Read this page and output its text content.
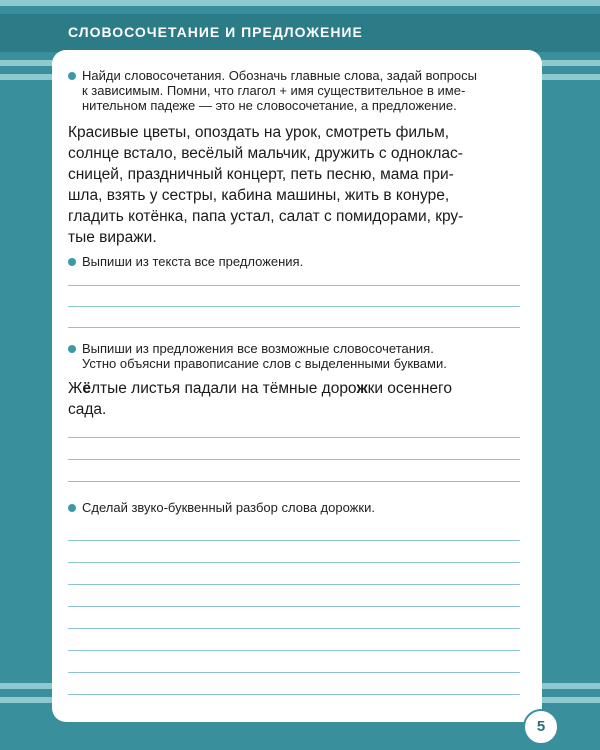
СЛОВОСОЧЕТАНИЕ И ПРЕДЛОЖЕНИЕ
Найди словосочетания. Обозначь главные слова, задай вопросы
к зависимым. Помни, что глагол + имя существительное в име-
нительном падеже — это не словосочетание, а предложение.
Красивые цветы, опоздать на урок, смотреть фильм,
солнце встало, весёлый мальчик, дружить с одноклас-
сницей, праздничный концерт, петь песню, мама при-
шла, взять у сестры, кабина машины, жить в конуре,
гладить котёнка, папа устал, салат с помидорами, кру-
тые виражи.
Выпиши из текста все предложения.
Выпиши из предложения все возможные словосочетания.
Устно объясни правописание слов с выделенными буквами.
Жёлтые листья падали на тёмные дорожки осеннего
сада.
Сделай звуко-буквенный разбор слова дорожки.
5
